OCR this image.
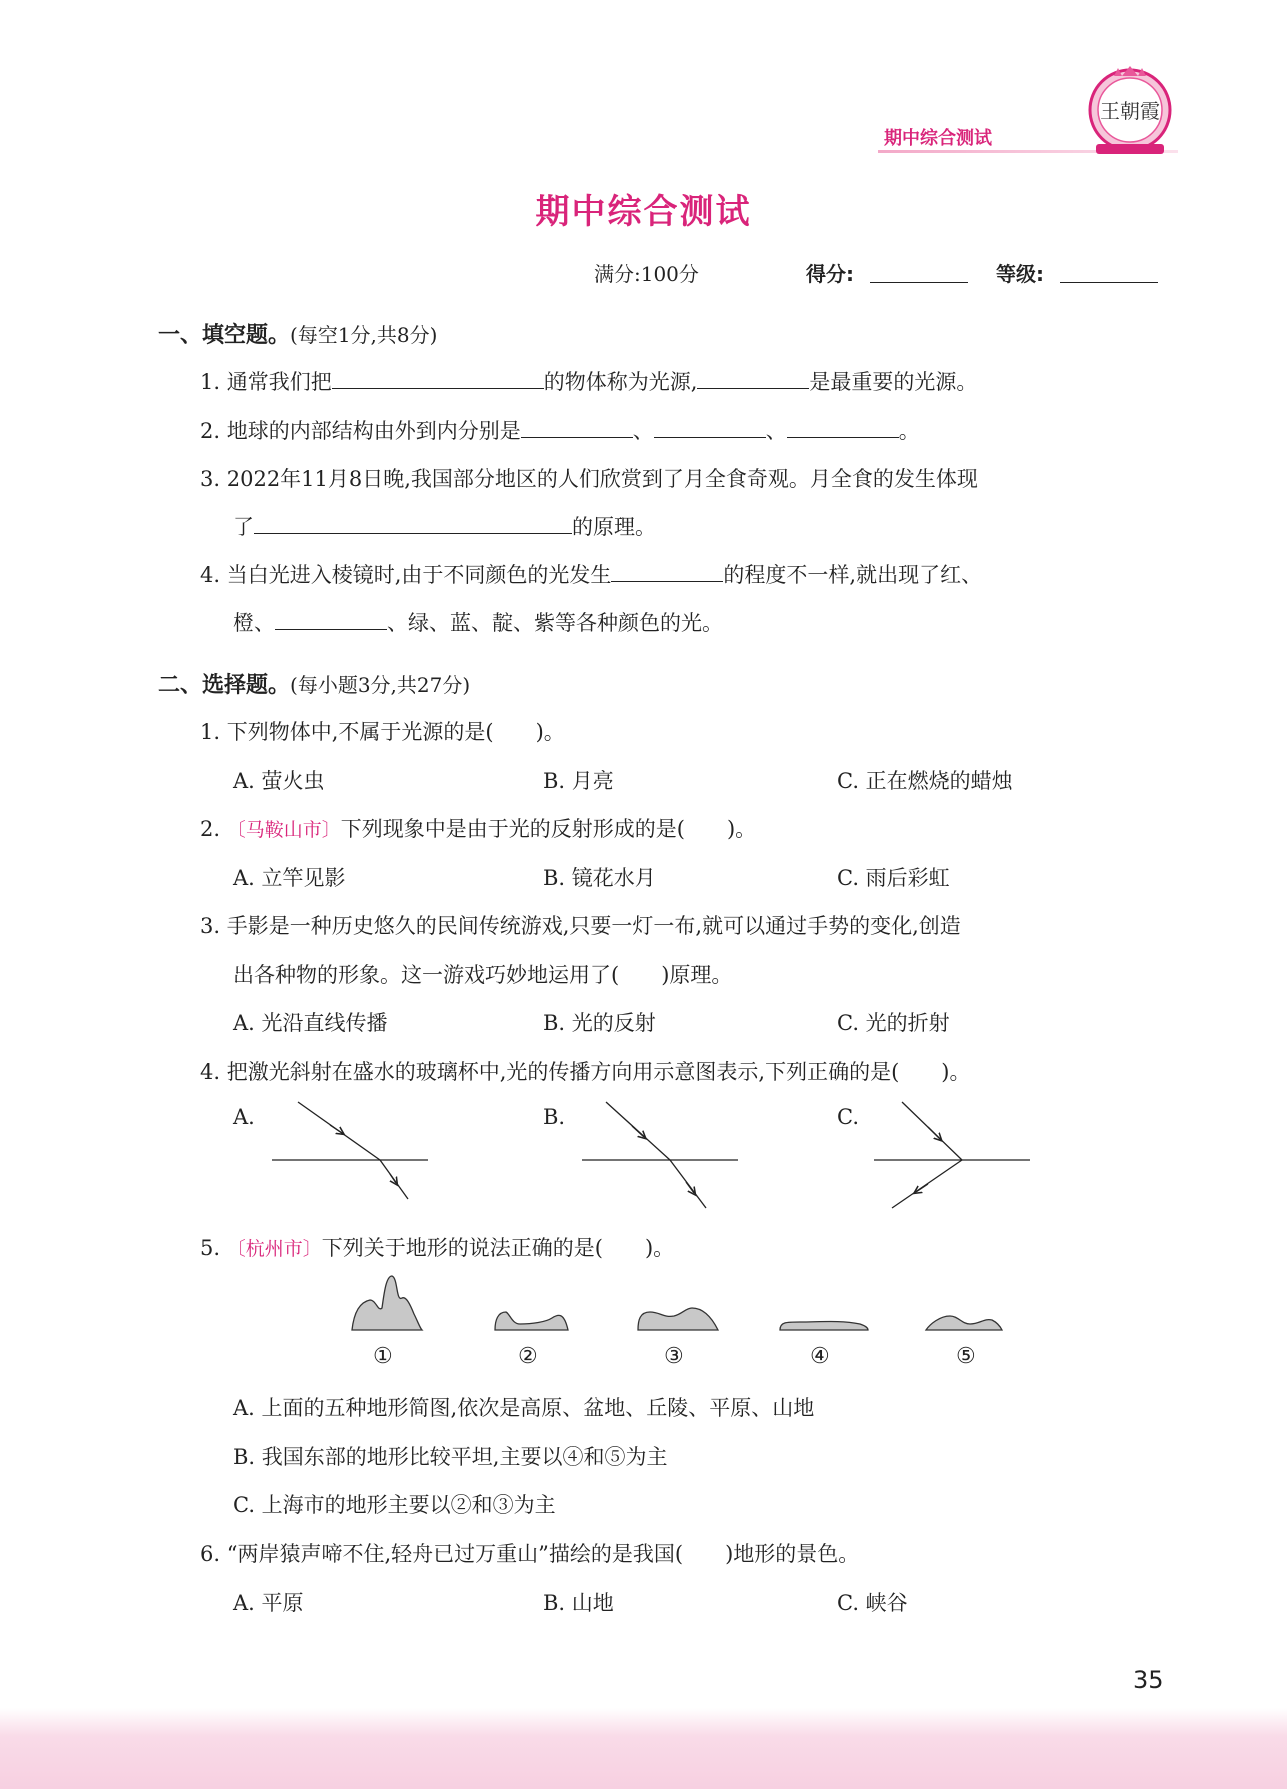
期中综合测试
王朝霞
期中综合测试
满分:100分	得分:	等级:
一、填空题。(每空1分,共8分)
1. 通常我们把	的物体称为光源,	是最重要的光源。
2. 地球的内部结构由外到内分别是	、	、	。
3. 2022年11月8日晚,我国部分地区的人们欣赏到了月全食奇观。月全食的发生体现
了	的原理。
4. 当白光进入棱镜时,由于不同颜色的光发生	的程度不一样,就出现了红、
橙、	、绿、蓝、靛、紫等各种颜色的光。
二、选择题。(每小题3分,共27分)
1. 下列物体中,不属于光源的是(　　)。
A. 萤火虫	B. 月亮	C. 正在燃烧的蜡烛
2. 〔马鞍山市〕下列现象中是由于光的反射形成的是(　　)。
A. 立竿见影	B. 镜花水月	C. 雨后彩虹
3. 手影是一种历史悠久的民间传统游戏,只要一灯一布,就可以通过手势的变化,创造
出各种物的形象。这一游戏巧妙地运用了(　　)原理。
A. 光沿直线传播	B. 光的反射	C. 光的折射
4. 把激光斜射在盛水的玻璃杯中,光的传播方向用示意图表示,下列正确的是(　　)。
A.	B.	C.
5. 〔杭州市〕下列关于地形的说法正确的是(　　)。
①	②	③	④	⑤
A. 上面的五种地形简图,依次是高原、盆地、丘陵、平原、山地
B. 我国东部的地形比较平坦,主要以④和⑤为主
C. 上海市的地形主要以②和③为主
6. “两岸猿声啼不住,轻舟已过万重山”描绘的是我国(　　)地形的景色。
A. 平原	B. 山地	C. 峡谷
35
